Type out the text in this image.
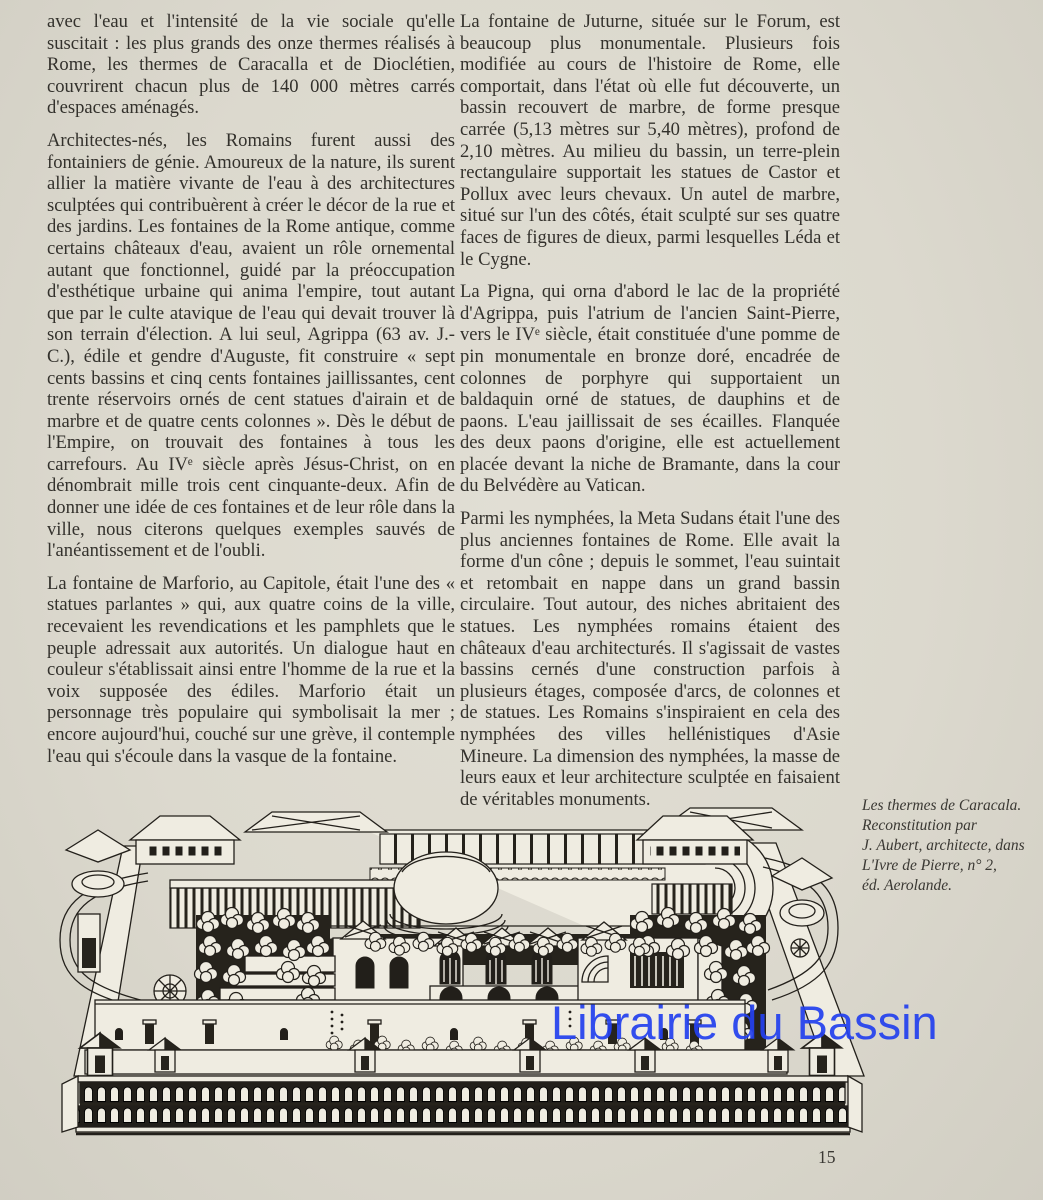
avec l'eau et l'intensité de la vie sociale qu'elle suscitait : les plus grands des onze thermes réalisés à Rome, les thermes de Caracalla et de Dioclétien, couvrirent chacun plus de 140 000 mètres carrés d'espaces aménagés.

Architectes-nés, les Romains furent aussi des fontainiers de génie. Amoureux de la nature, ils surent allier la matière vivante de l'eau à des architectures sculptées qui contribuèrent à créer le décor de la rue et des jardins. Les fontaines de la Rome antique, comme certains châteaux d'eau, avaient un rôle ornemental autant que fonctionnel, guidé par la préoccupation d'esthétique urbaine qui anima l'empire, tout autant que par le culte atavique de l'eau qui devait trouver là son terrain d'élection. A lui seul, Agrippa (63 av. J.-C.), édile et gendre d'Auguste, fit construire « sept cents bassins et cinq cents fontaines jaillissantes, cent trente réservoirs ornés de cent statues d'airain et de marbre et de quatre cents colonnes ». Dès le début de l'Empire, on trouvait des fontaines à tous les carrefours. Au IVᵉ siècle après Jésus-Christ, on en dénombrait mille trois cent cinquante-deux. Afin de donner une idée de ces fontaines et de leur rôle dans la ville, nous citerons quelques exemples sauvés de l'anéantissement et de l'oubli.

La fontaine de Marforio, au Capitole, était l'une des « statues parlantes » qui, aux quatre coins de la ville, recevaient les revendications et les pamphlets que le peuple adressait aux autorités. Un dialogue haut en couleur s'établissait ainsi entre l'homme de la rue et la voix supposée des édiles. Marforio était un personnage très populaire qui symbolisait la mer ; encore aujourd'hui, couché sur une grève, il contemple l'eau qui s'écoule dans la vasque de la fontaine.

La fontaine de Juturne, située sur le Forum, est beaucoup plus monumentale. Plusieurs fois modifiée au cours de l'histoire de Rome, elle comportait, dans l'état où elle fut découverte, un bassin recouvert de marbre, de forme presque carrée (5,13 mètres sur 5,40 mètres), profond de 2,10 mètres. Au milieu du bassin, un terre-plein rectangulaire supportait les statues de Castor et Pollux avec leurs chevaux. Un autel de marbre, situé sur l'un des côtés, était sculpté sur ses quatre faces de figures de dieux, parmi lesquelles Léda et le Cygne.

La Pigna, qui orna d'abord le lac de la propriété d'Agrippa, puis l'atrium de l'ancien Saint-Pierre, vers le IVᵉ siècle, était constituée d'une pomme de pin monumentale en bronze doré, encadrée de colonnes de porphyre qui supportaient un baldaquin orné de statues, de dauphins et de paons. L'eau jaillissait de ses écailles. Flanquée des deux paons d'origine, elle est actuellement placée devant la niche de Bramante, dans la cour du Belvédère au Vatican.

Parmi les nymphées, la Meta Sudans était l'une des plus anciennes fontaines de Rome. Elle avait la forme d'un cône ; depuis le sommet, l'eau suintait et retombait en nappe dans un grand bassin circulaire. Tout autour, des niches abritaient des statues. Les nymphées romains étaient des châteaux d'eau architecturés. Il s'agissait de vastes bassins cernés d'une construction parfois à plusieurs étages, composée d'arcs, de colonnes et de statues. Les Romains s'inspiraient en cela des nymphées des villes hellénistiques d'Asie Mineure. La dimension des nymphées, la masse de leurs eaux et leur architecture sculptée en faisaient de véritables monuments.	Les thermes de Caracala.
Reconstitution par
J. Aubert, architecte, dans
L'Ivre de Pierre, n° 2,
éd. Aerolande.
Librairie du Bassin
15
